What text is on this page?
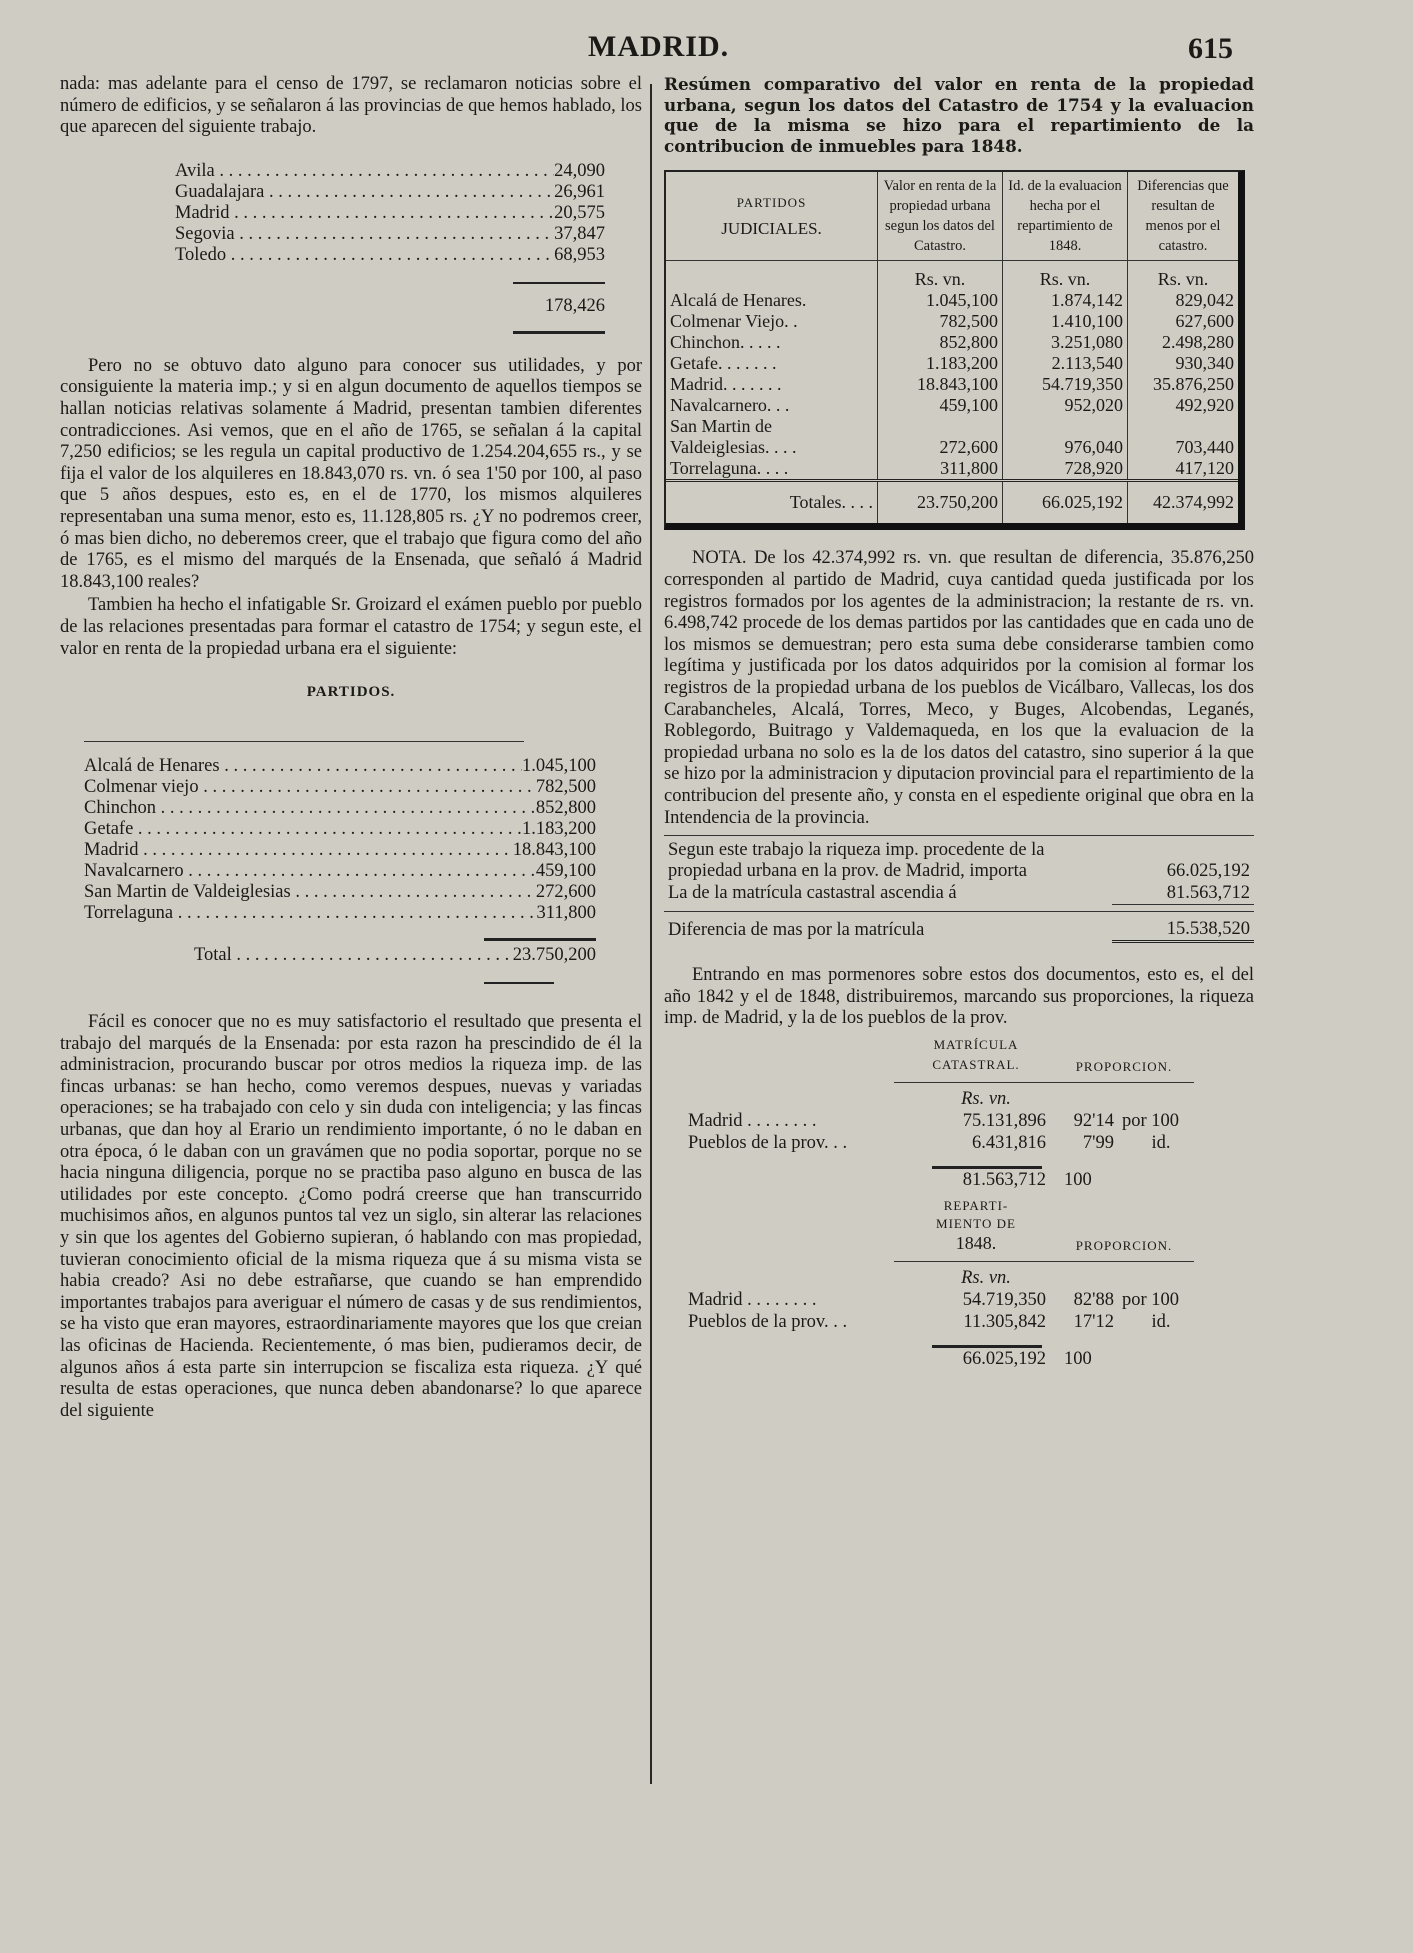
MADRID.	615

nada: mas adelante para el censo de 1797, se reclamaron noticias sobre el número de edificios, y se señalaron á las provincias de que hemos hablado, los que aparecen del siguiente trabajo.

Avila . . .	24,090
Guadalajara . . .	26,961
Madrid . . .	20,575
Segovia . . .	37,847
Toledo . . .	68,953
178,426

Pero no se obtuvo dato alguno para conocer sus utilidades, y por consiguiente la materia imp.; y si en algun documento de aquellos tiempos se hallan noticias relativas solamente á Madrid, presentan tambien diferentes contradicciones. Asi vemos, que en el año de 1765, se señalan á la capital 7,250 edificios; se les regula un capital productivo de 1.254.204,655 rs., y se fija el valor de los alquileres en 18.843,070 rs. vn. ó sea 1'50 por 100, al paso que 5 años despues, esto es, en el de 1770, los mismos alquileres representaban una suma menor, esto es, 11.128,805 rs. ¿Y no podremos creer, ó mas bien dicho, no deberemos creer, que el trabajo que figura como del año de 1765, es el mismo del marqués de la Ensenada, que señaló á Madrid 18.843,100 reales?

Tambien ha hecho el infatigable Sr. Groizard el exámen pueblo por pueblo de las relaciones presentadas para formar el catastro de 1754; y segun este, el valor en renta de la propiedad urbana era el siguiente:

PARTIDOS.
Alcalá de Henares . . .	1.045,100
Colmenar viejo . . .	782,500
Chinchon . . .	852,800
Getafe . . .	1.183,200
Madrid . . .	18.843,100
Navalcarnero . . .	459,100
San Martin de Valdeiglesias . . .	272,600
Torrelaguna . . .	311,800
Total . . .	23.750,200

Fácil es conocer que no es muy satisfactorio el resultado que presenta el trabajo del marqués de la Ensenada: por esta razon ha prescindido de él la administracion, procurando buscar por otros medios la riqueza imp. de las fincas urbanas: se han hecho, como veremos despues, nuevas y variadas operaciones; se ha trabajado con celo y sin duda con inteligencia; y las fincas urbanas, que dan hoy al Erario un rendimiento importante, ó no le daban en otra época, ó le daban con un gravámen que no podia soportar, porque no se hacia ninguna diligencia, porque no se practiba paso alguno en busca de las utilidades por este concepto. ¿Como podrá creerse que han transcurrido muchisimos años, en algunos puntos tal vez un siglo, sin alterar las relaciones y sin que los agentes del Gobierno supieran, ó hablando con mas propiedad, tuvieran conocimiento oficial de la misma riqueza que á su misma vista se habia creado? Asi no debe estrañarse, que cuando se han emprendido importantes trabajos para averiguar el número de casas y de sus rendimientos, se ha visto que eran mayores, estraordinariamente mayores que los que creian las oficinas de Hacienda. Recientemente, ó mas bien, pudieramos decir, de algunos años á esta parte sin interrupcion se fiscaliza esta riqueza. ¿Y qué resulta de estas operaciones, que nunca deben abandonarse? lo que aparece del siguiente

Resúmen comparativo del valor en renta de la propiedad urbana, segun los datos del Catastro de 1754 y la evaluacion que de la misma se hizo para el repartimiento de la contribucion de inmuebles para 1848.
PARTIDOS
JUDICIALES.	Valor en renta de la propiedad urbana segun los datos del Catastro.	Id. de la evaluacion hecha por el repartimiento de 1848.	Diferencias que resultan de menos por el catastro.
	Rs. vn.	Rs. vn.	Rs. vn.
Alcalá de Henares.	1.045,100	1.874,142	829,042
Colmenar Viejo. .	782,500	1.410,100	627,600
Chinchon. . . . .	852,800	3.251,080	2.498,280
Getafe. . . . . . .	1.183,200	2.113,540	930,340
Madrid. . . . . . .	18.843,100	54.719,350	35.876,250
Navalcarnero. . .	459,100	952,020	492,920
San Martin de Valdeiglesias. . . .	272,600	976,040	703,440
Torrelaguna. . . .	311,800	728,920	417,120
Totales. . . .	23.750,200	66.025,192	42.374,992

NOTA. De los 42.374,992 rs. vn. que resultan de diferencia, 35.876,250 corresponden al partido de Madrid, cuya cantidad queda justificada por los registros formados por los agentes de la administracion; la restante de rs. vn. 6.498,742 procede de los demas partidos por las cantidades que en cada uno de los mismos se demuestran; pero esta suma debe considerarse tambien como legítima y justificada por los datos adquiridos por la comision al formar los registros de la propiedad urbana de los pueblos de Vicálbaro, Vallecas, los dos Carabancheles, Alcalá, Torres, Meco, y Buges, Alcobendas, Leganés, Roblegordo, Buitrago y Valdemaqueda, en los que la evaluacion de la propiedad urbana no solo es la de los datos del catastro, sino superior á la que se hizo por la administracion y diputacion provincial para el repartimiento de la contribucion del presente año, y consta en el espediente original que obra en la Intendencia de la provincia.

Segun este trabajo la riqueza imp. procedente de la propiedad urbana en la prov. de Madrid, importa	66.025,192
La de la matrícula castastral ascendia á	81.563,712
Diferencia de mas por la matrícula	15.538,520

Entrando en mas pormenores sobre estos dos documentos, esto es, el del año 1842 y el de 1848, distribuiremos, marcando sus proporciones, la riqueza imp. de Madrid, y la de los pueblos de la prov.

MATRÍCULA
CATASTRAL.	PROPORCION.
	Rs. vn.		
Madrid . . . . . . . .	75.131,896	92'14	por 100
Pueblos de la prov. . .	6.431,816	7'99	id.

	81.563,712	100	
REPARTI-
MIENTO DE
1848.	PROPORCION.
	Rs. vn.		
Madrid . . . . . . . .	54.719,350	82'88	por 100
Pueblos de la prov. . .	11.305,842	17'12	id.

	66.025,192	100	
